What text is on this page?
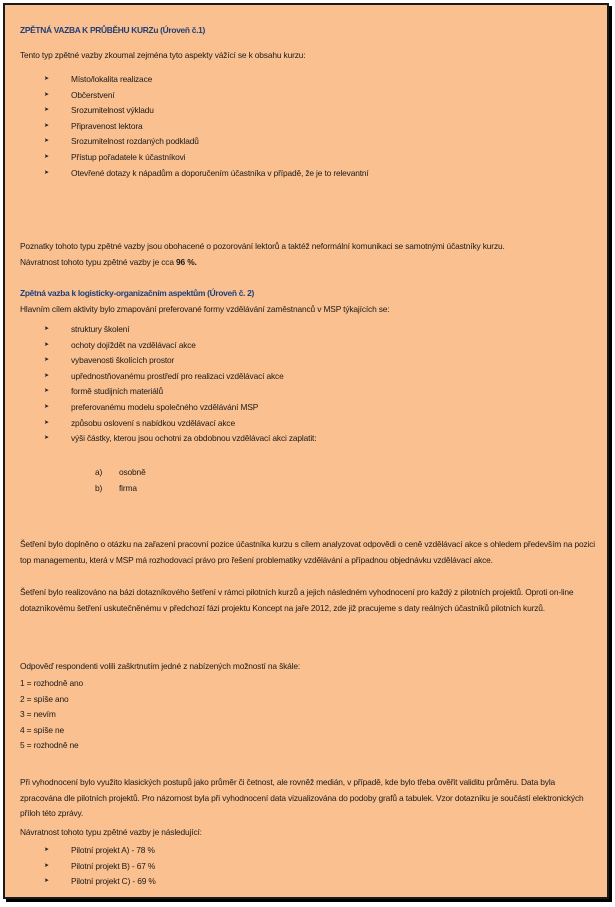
ZPĚTNÁ VAZBA K PRŮBĚHU KURZu (Úroveň č.1)
Tento typ zpětné vazby zkoumal zejména tyto aspekty vážící se k obsahu kurzu:
➤	Místo/lokalita realizace
➤	Občerstvení
➤	Srozumitelnost výkladu
➤	Připravenost lektora
➤	Srozumitelnost rozdaných podkladů
➤	Přístup pořadatele k účastníkovi
➤	Otevřené dotazy k nápadům a doporučením účastníka v případě, že je to relevantní
Poznatky tohoto typu zpětné vazby jsou obohacené o pozorování lektorů a taktéž neformální komunikaci se samotnými účastníky kurzu.
Návratnost tohoto typu zpětné vazby je cca 96 %.
Zpětná vazba k logisticky-organizačním aspektům (Úroveň č. 2)
Hlavním cílem aktivity bylo zmapování preferované formy vzdělávání zaměstnanců v MSP týkajících se:
➤	struktury školení
➤	ochoty dojíždět na vzdělávací akce
➤	vybavenosti školících prostor
➤	upřednostňovanému prostředí pro realizaci vzdělávací akce
➤	formě studijních materiálů
➤	preferovanému modelu společného vzdělávání MSP
➤	způsobu oslovení s nabídkou vzdělávací akce
➤	výši částky, kterou jsou ochotni za obdobnou vzdělávací akci zaplatit:
a) osobně
b) firma
Šetření bylo doplněno o otázku na zařazení pracovní pozice účastníka kurzu s cílem analyzovat odpovědi o ceně vzdělávací akce s ohledem především na pozici top managementu, která v MSP má rozhodovací právo pro řešení problematiky vzdělávání a případnou objednávku vzdělávací akce.
Šetření bylo realizováno na bázi dotazníkového šetření v rámci pilotních kurzů a jejich následném vyhodnocení pro každý z pilotních projektů. Oproti on-line dotazníkovému šetření uskutečněnému v předchozí fázi projektu Koncept na jaře 2012, zde již pracujeme s daty reálných účastníků pilotních kurzů.
Odpověď respondenti volili zaškrtnutím jedné z nabízených možností na škále:
1 = rozhodně ano
2 = spíše ano
3 = nevím
4 = spíše ne
5 = rozhodně ne
Při vyhodnocení bylo využito klasických postupů jako průměr či četnost, ale rovněž medián, v případě, kde bylo třeba ověřit validitu průměru. Data byla zpracována dle pilotních projektů. Pro názornost byla při vyhodnocení data vizualizována do podoby grafů a tabulek. Vzor dotazníku je součástí elektronických příloh této zprávy.
Návratnost tohoto typu zpětné vazby je následující:
➤	Pilotní projekt A) - 78 %
➤	Pilotní projekt B) - 67 %
➤	Pilotní projekt C) - 69 %
